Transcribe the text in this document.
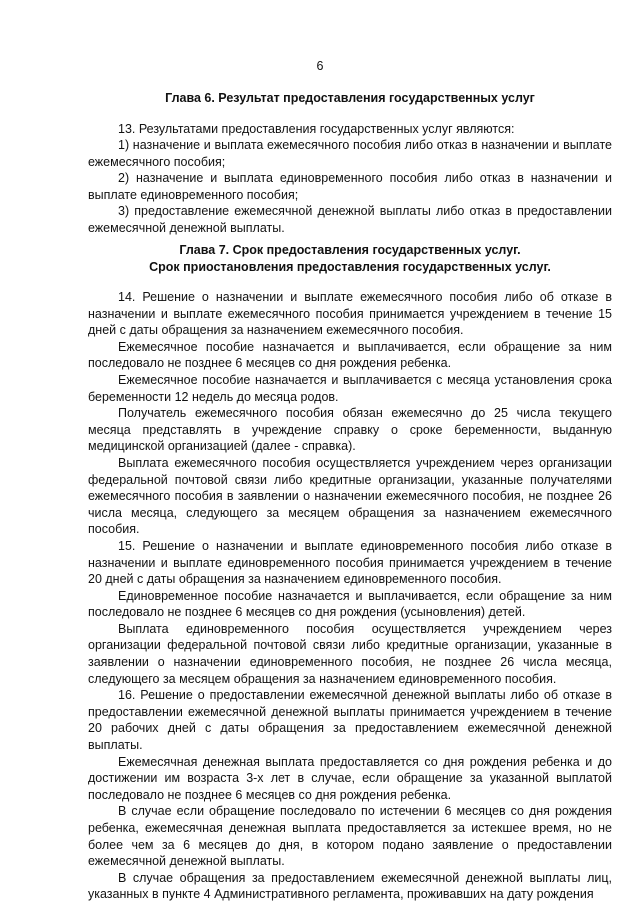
6
Глава 6. Результат предоставления государственных услуг
13. Результатами предоставления государственных услуг являются:
1) назначение и выплата ежемесячного пособия либо отказ в назначении и выплате ежемесячного пособия;
2) назначение и выплата единовременного пособия либо отказ в назначении и выплате единовременного пособия;
3) предоставление ежемесячной денежной выплаты либо отказ в предоставлении ежемесячной денежной выплаты.
Глава 7. Срок предоставления государственных услуг.
Срок приостановления предоставления государственных услуг.

14. Решение о назначении и выплате ежемесячного пособия либо об отказе в назначении и выплате ежемесячного пособия принимается учреждением в течение 15 дней с даты обращения за назначением ежемесячного пособия.

Ежемесячное пособие назначается и выплачивается, если обращение за ним последовало не позднее 6 месяцев со дня рождения ребенка.

Ежемесячное пособие назначается и выплачивается с месяца установления срока беременности 12 недель до месяца родов.

Получатель ежемесячного пособия обязан ежемесячно до 25 числа текущего месяца представлять в учреждение справку о сроке беременности, выданную медицинской организацией (далее - справка).

Выплата ежемесячного пособия осуществляется учреждением через организации федеральной почтовой связи либо кредитные организации, указанные получателями ежемесячного пособия в заявлении о назначении ежемесячного пособия, не позднее 26 числа месяца, следующего за месяцем обращения за назначением ежемесячного пособия.

15. Решение о назначении и выплате единовременного пособия либо отказе в назначении и выплате единовременного пособия принимается учреждением в течение 20 дней с даты обращения за назначением единовременного пособия.

Единовременное пособие назначается и выплачивается, если обращение за ним последовало не позднее 6 месяцев со дня рождения (усыновления) детей.

Выплата единовременного пособия осуществляется учреждением через организации федеральной почтовой связи либо кредитные организации, указанные в заявлении о назначении единовременного пособия, не позднее 26 числа месяца, следующего за месяцем обращения за назначением единовременного пособия.

16. Решение о предоставлении ежемесячной денежной выплаты либо об отказе в предоставлении ежемесячной денежной выплаты принимается учреждением в течение 20 рабочих дней с даты обращения за предоставлением ежемесячной денежной выплаты.

Ежемесячная денежная выплата предоставляется со дня рождения ребенка и до достижении им возраста 3-х лет в случае, если обращение за указанной выплатой последовало не позднее 6 месяцев со дня рождения ребенка.

В случае если обращение последовало по истечении 6 месяцев со дня рождения ребенка, ежемесячная денежная выплата предоставляется за истекшее время, но не более чем за 6 месяцев до дня, в котором подано заявление о предоставлении ежемесячной денежной выплаты.

В случае обращения за предоставлением ежемесячной денежной выплаты лиц, указанных в пункте 4 Административного регламента, проживавших на дату рождения
